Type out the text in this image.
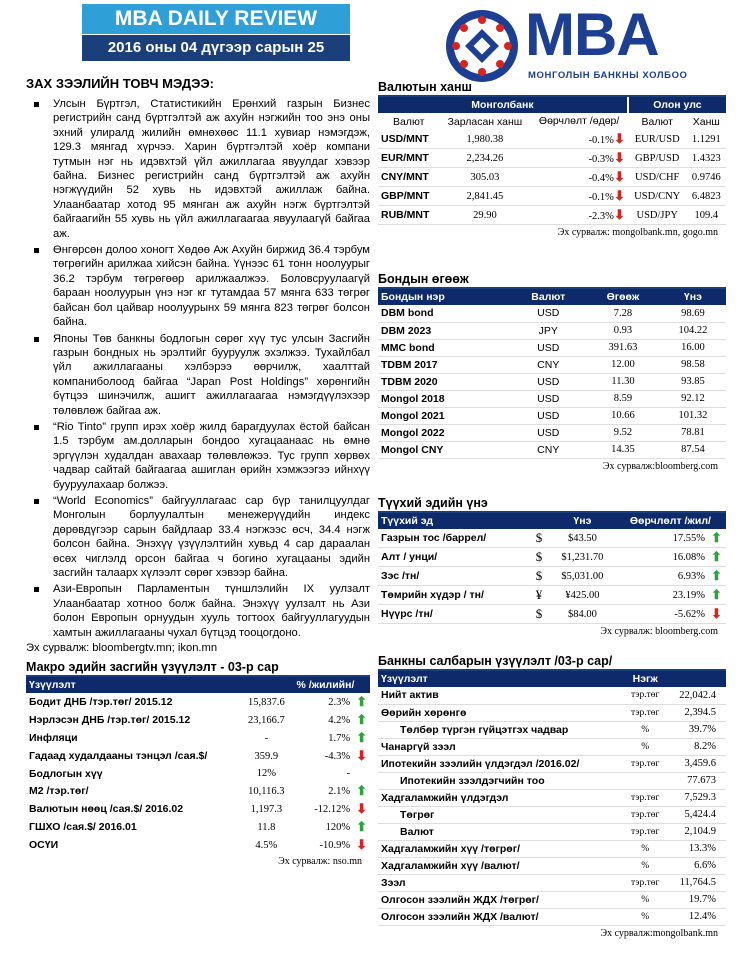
MBA DAILY REVIEW
2016 оны 04 дүгээр сарын 25	MBA
МОНГОЛЫН БАНКНЫ ХОЛБОО
ЗАХ ЗЭЭЛИЙН ТОВЧ МЭДЭЭ:
Улсын Бүртгэл, Статистикийн Ерөнхий газрын Бизнес регистрийн санд бүртгэлтэй аж ахуйн нэгжийн тоо энэ оны эхний улиралд жилийн өмнөхөөс 11.1 хувиар нэмэгдэж, 129.3 мянгад хүрчээ. Харин бүртгэлтэй хоёр компани тутмын нэг нь идэвхтэй үйл ажиллагаа явуулдаг хэвээр байна. Бизнес регистрийн санд бүртгэлтэй аж ахуйн нэгжүүдийн 52 хувь нь идэвхтэй ажиллаж байна. Улаанбаатар хотод 95 мянган аж ахуйн нэгж бүртгэлтэй байгаагийн 55 хувь нь үйл ажиллагаагаа явуулаагүй байгаа аж.
Өнгөрсөн долоо хоногт Хөдөө Аж Ахуйн биржид 36.4 тэрбум төгрөгийн арилжаа хийсэн байна. Үүнээс 61 тонн ноолуурыг 36.2 тэрбум төгрөгөөр арилжаалжээ. Боловсруулаагүй бараан ноолуурын үнэ нэг кг тутамдаа 57 мянга 633 төгрөг байсан бол цайвар ноолуурынх 59 мянга 823 төгрөг болсон байна.
Японы Төв банкны бодлогын сөрөг хүү тус улсын Засгийн газрын бондных нь эрэлтийг бууруулж эхэлжээ. Тухайлбал үйл ажиллагааны хэлбэрээ өөрчилж, хаалттай компаниболоод байгаа “Japan Post Holdings” хөрөнгийн бүтцээ шинэчилж, ашигт ажиллагаагаа нэмэгдүүлэхээр төлөвлөж байгаа аж.
“Rio Tinto” групп ирэх хоёр жилд барагдуулах ёстой байсан 1.5 тэрбум ам.долларын бондоо хугацаанаас нь өмнө эргүүлэн худалдан авахаар төлөвлөжээ. Тус групп хөрвөх чадвар сайтай байгаагаа ашиглан өрийн хэмжээгээ ийнхүү бууруулахаар болжээ.
“World Economics” байгууллагаас сар бүр танилцуулдаг Монголын борлуулалтын менежерүүдийн индекс дөрөвдүгээр сарын байдлаар 33.4 нэгжээс өсч, 34.4 нэгж болсон байна. Энэхүү үзүүлэлтийн хувьд 4 сар дараалан өсөх чиглэлд орсон байгаа ч богино хугацааны эдийн засгийн талаарх хүлээлт сөрөг хэвээр байна.
Ази-Европын Парламентын түншлэлийн IX уулзалт Улаанбаатар хотноо болж байна. Энэхүү уулзалт нь Ази болон Европын орнуудын хууль тогтоох байгууллагуудын хамтын ажиллагааны чухал бүтцэд тооцогдоно.
Эх сурвалж: bloombergtv.mn; ikon.mn
Макро эдийн засгийн үзүүлэлт - 03-р сар
Үзүүлэлт		% /жилийн/	
Бодит ДНБ /тэр.төг/ 2015.12	15,837.6	2.3%	⬆
Нэрлэсэн ДНБ /тэр.төг/ 2015.12	23,166.7	4.2%	⬆
Инфляци	-	1.7%	⬆
Гадаад худалдааны тэнцэл /сая.$/	359.9	-4.3%	⬇
Бодлогын хүү	12%	-	
М2 /тэр.төг/	10,116.3	2.1%	⬆
Валютын нөөц /сая.$/ 2016.02	1,197.3	-12.12%	⬇
ГШХО /сая.$/ 2016.01	11.8	120%	⬆
ОСҮИ	4.5%	-10.9%	⬇
Эх сурвалж: nso.mn
Валютын ханш
Монголбанк			Олон улс	
Валют	Зарласан ханш	Өөрчлөлт /өдөр/	Валют	Ханш
USD/MNT	1,980.38	-0.1%⬇	EUR/USD	1.1291
EUR/MNT	2,234.26	-0.3%⬇	GBP/USD	1.4323
CNY/MNT	305.03	-0.4%⬇	USD/CHF	0.9746
GBP/MNT	2,841.45	-0.1%⬇	USD/CNY	6.4823
RUB/MNT	29.90	-2.3%⬇	USD/JPY	109.4
Эх сурвалж: mongolbank.mn, gogo.mn
Бондын өгөөж
Бондын нэр	Валют	Өгөөж	Үнэ
DBM bond	USD	7.28	98.69
DBM 2023	JPY	0.93	104.22
MMC bond	USD	391.63	16.00
TDBM 2017	CNY	12.00	98.58
TDBM 2020	USD	11.30	93.85
Mongol 2018	USD	8.59	92.12
Mongol 2021	USD	10.66	101.32
Mongol 2022	USD	9.52	78.81
Mongol CNY	CNY	14.35	87.54
Эх сурвалж:bloomberg.com
Түүхий эдийн үнэ
Түүхий эд		Үнэ	Өөрчлөлт /жил/	
Газрын тос /баррел/	$	$43.50	17.55%	⬆
Алт / унци/	$	$1,231.70	16.08%	⬆
Зэс /тн/	$	$5,031.00	6.93%	⬆
Төмрийн хүдэр / тн/	¥	¥425.00	23.19%	⬆
Нүүрс /тн/	$	$84.00	-5.62%	⬇
Эх сурвалж: bloomberg.com
Банкны салбарын үзүүлэлт /03-р сар/
Үзүүлэлт	Нэгж	
Нийт актив	тэр.төг	22,042.4
Өөрийн хөрөнгө	тэр.төг	2,394.5
Төлбөр түргэн гүйцэтгэх чадвар	%	39.7%
Чанаргүй зээл	%	8.2%
Ипотекийн зээлийн үлдэгдэл /2016.02/	тэр.төг	3,459.6
Ипотекийн зээлдэгчийн тоо		77.673
Хадгаламжийн үлдэгдэл	тэр.төг	7,529.3
Төгрөг	тэр.төг	5,424.4
Валют	тэр.төг	2,104.9
Хадгаламжийн хүү /төгрөг/	%	13.3%
Хадгаламжийн хүү /валют/	%	6.6%
Зээл	тэр.төг	11,764.5
Олгосон зээлийн ЖДХ /төгрөг/	%	19.7%
Олгосон зээлийн ЖДХ /валют/	%	12.4%
Эх сурвалж:mongolbank.mn
